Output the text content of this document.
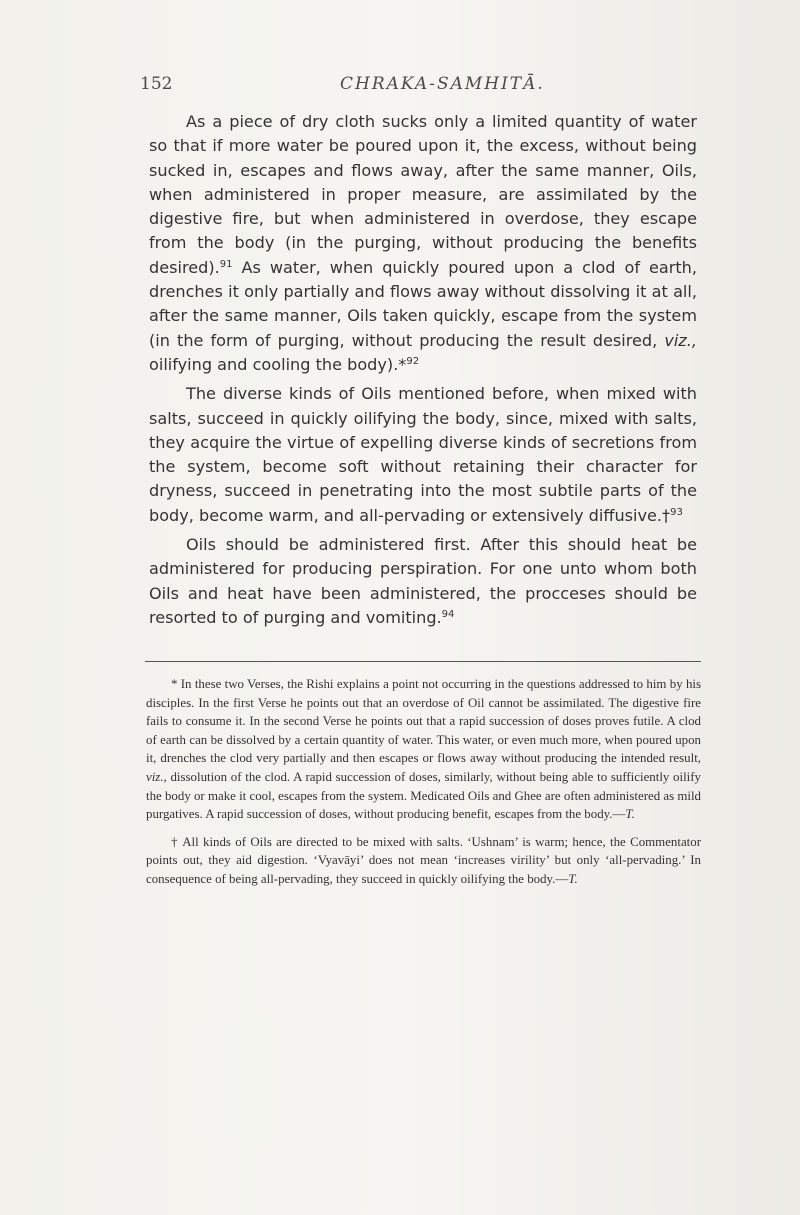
152	CHRAKA-SAMHITĀ.

As a piece of dry cloth sucks only a limited quantity of water so that if more water be poured upon it, the excess, without being sucked in, escapes and flows away, after the same manner, Oils, when administered in proper measure, are assimilated by the digestive fire, but when administered in overdose, they escape from the body (in the purging, without producing the benefits desired).$^{91}$ As water, when quickly poured upon a clod of earth, drenches it only partially and flows away without dissolving it at all, after the same manner, Oils taken quickly, escape from the system (in the form of purging, without producing the result desired, viz., oilifying and cooling the body).*$^{92}$

The diverse kinds of Oils mentioned before, when mixed with salts, succeed in quickly oilifying the body, since, mixed with salts, they acquire the virtue of expelling diverse kinds of secretions from the system, become soft without retaining their character for dryness, succeed in penetrating into the most subtile parts of the body, become warm, and all-pervading or extensively diffusive.†$^{93}$

Oils should be administered first. After this should heat be administered for producing perspiration. For one unto whom both Oils and heat have been administered, the procceses should be resorted to of purging and vomiting.$^{94}$

* In these two Verses, the Rishi explains a point not occurring in the questions addressed to him by his disciples. In the first Verse he points out that an overdose of Oil cannot be assimilated. The digestive fire fails to consume it. In the second Verse he points out that a rapid succession of doses proves futile. A clod of earth can be dissolved by a certain quantity of water. This water, or even much more, when poured upon it, drenches the clod very partially and then escapes or flows away without producing the intended result, viz., dissolution of the clod. A rapid succession of doses, similarly, without being able to sufficiently oilify the body or make it cool, escapes from the system. Medicated Oils and Ghee are often administered as mild purgatives. A rapid succession of doses, without producing benefit, escapes from the body.—T.

† All kinds of Oils are directed to be mixed with salts. ‘Ushnam’ is warm; hence, the Commentator points out, they aid digestion. ‘Vyavāyi’ does not mean ‘increases virility’ but only ‘all-pervading.’ In consequence of being all-pervading, they succeed in quickly oilifying the body.—T.
